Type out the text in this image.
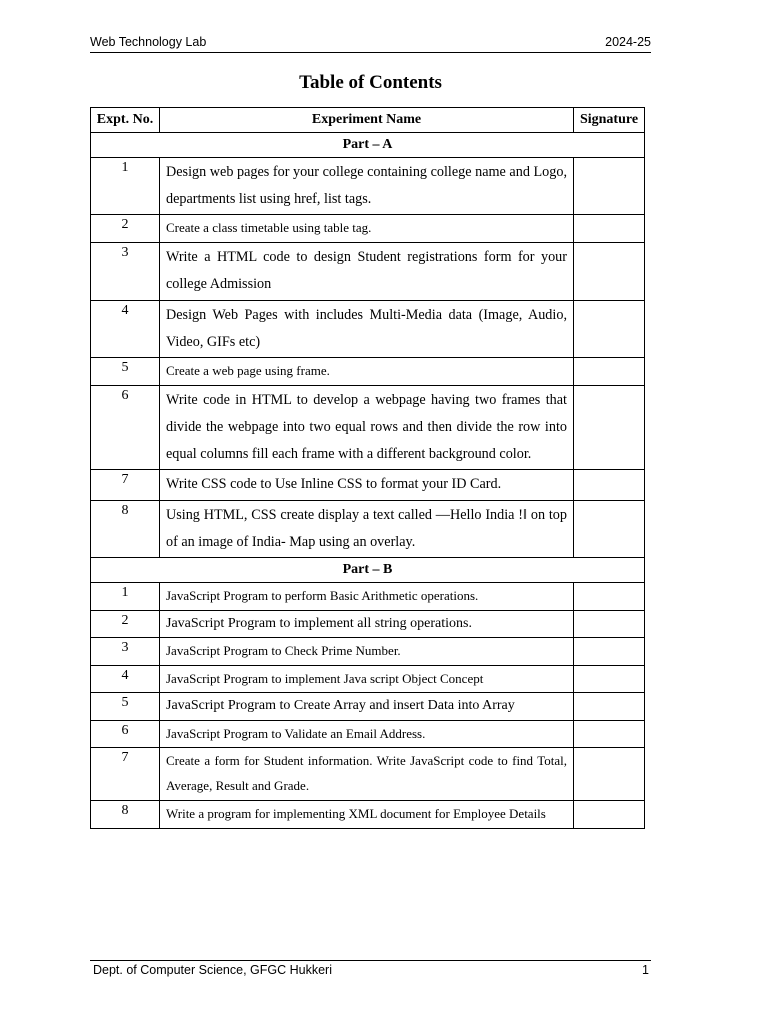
Web Technology Lab	2024-25
Table of Contents
Expt. No.	Experiment Name	Signature
Part – A		
1	Design web pages for your college containing college name and Logo, departments list using href, list tags.	
2	Create a class timetable using table tag.	
3	Write a HTML code to design Student registrations form for your college Admission	
4	Design Web Pages with includes Multi-Media data (Image, Audio, Video, GIFs etc)	
5	Create a web page using frame.	
6	Write code in HTML to develop a webpage having two frames that divide the webpage into two equal rows and then divide the row into equal columns fill each frame with a different background color.	
7	Write CSS code to Use Inline CSS to format your ID Card.	
8	Using HTML, CSS create display a text called —Hello India !‖ on top of an image of India- Map using an overlay.	
Part – B		
1	JavaScript Program to perform Basic Arithmetic operations.	
2	JavaScript Program to implement all string operations.	
3	JavaScript Program to Check Prime Number.	
4	JavaScript Program to implement Java script Object Concept	
5	JavaScript Program to Create Array and insert Data into Array	
6	JavaScript Program to Validate an Email Address.	
7	Create a form for Student information. Write JavaScript code to find Total, Average, Result and Grade.	
8	Write a program for implementing XML document for Employee Details	
Dept. of Computer Science, GFGC Hukkeri	1
